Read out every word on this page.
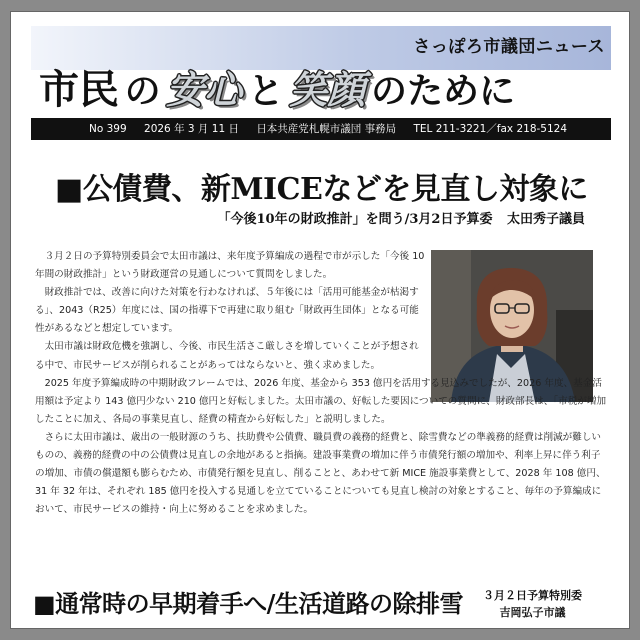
さっぽろ市議団ニュース
市民 の 安心 と 笑顔 のために
No 399 2026 年 3 月 11 日 日本共産党札幌市議団 事務局 TEL 211-3221／fax 218-5124
■公債費、新MICEなどを見直し対象に
「今後10年の財政推計」を問う/3月2日予算委 太田秀子議員

３月２日の予算特別委員会で太田市議は、来年度予算編成の過程で市が示した「今後 10 年間の財政推計」という財政運営の見通しについて質問をしました。

財政推計では、改善に向けた対策を行わなければ、５年後には「活用可能基金が枯渇する」、2043（R25）年度には、国の指導下で再建に取り組む「財政再生団体」となる可能性があるなどと想定しています。

太田市議は財政危機を強調し、今後、市民生活さこ厳しさを増していくことが予想される中で、市民サービスが削られることがあってはならないと、強く求めました。

2025 年度予算編成時の中期財政フレームでは、2026 年度、基金から 353 億円を活用する見込みでしたが、2026 年度、基金活用額は予定より 143 億円少ない 210 億円と好転しました。太田市議の、好転した要因についての質問に、財政部長は、「市税が増加したことに加え、各局の事業見直し、経費の精査から好転した」と説明しました。

さらに太田市議は、歳出の一般財源のうち、扶助費や公債費、職員費の義務的経費と、除雪費などの準義務的経費は削減が難しいものの、義務的経費の中の公債費は見直しの余地があると指摘。建設事業費の増加に伴う市債発行額の増加や、利率上昇に伴う利子の増加、市債の償還額も膨らむため、市債発行額を見直し、削ることと、あわせて新 MICE 施設事業費として、2028 年 108 億円、31 年 32 年は、それぞれ 185 億円を投入する見通しを立てていることについても見直し検討の対象とすること、毎年の予算編成において、市民サービスの維持・向上に努めることを求めました。

■通常時の早期着手へ/生活道路の除排雪 ３月２日予算特別委
吉岡弘子市議
